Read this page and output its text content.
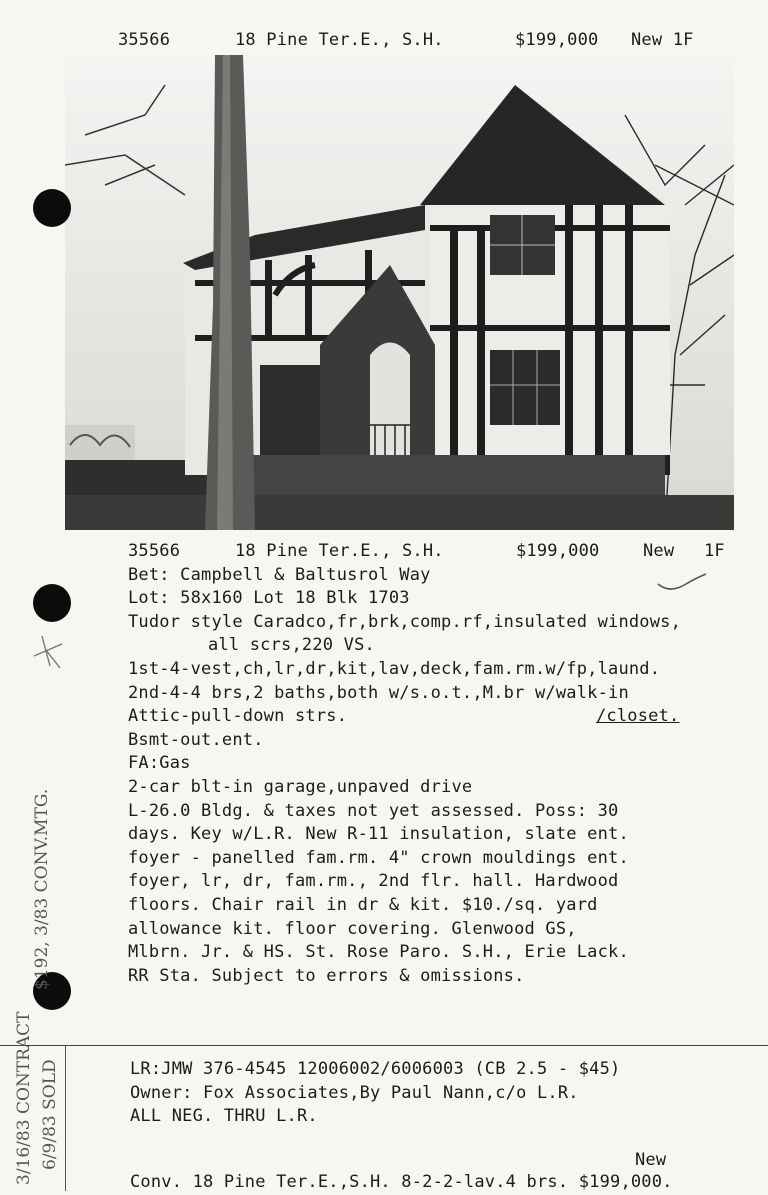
35566

	18 Pine Ter.E., S.H.

	$199,000

New 1F

35566	18 Pine Ter.E., S.H.	$199,000	New 1F
Bet: Campbell & Baltusrol Way
Lot: 58x160 Lot 18 Blk 1703
Tudor style Caradco,fr,brk,comp.rf,insulated windows,
all scrs,220 VS.
1st-4-vest,ch,lr,dr,kit,lav,deck,fam.rm.w/fp,laund.
2nd-4-4 brs,2 baths,both w/s.o.t.,M.br w/walk-in
Attic-pull-down strs.	/closet.
Bsmt-out.ent.
FA:Gas
2-car blt-in garage,unpaved drive
L-26.0 Bldg. & taxes not yet assessed. Poss: 30
days. Key w/L.R. New R-11 insulation, slate ent.
foyer - panelled fam.rm. 4" crown mouldings ent.
foyer, lr, dr, fam.rm., 2nd flr. hall. Hardwood
floors. Chair rail in dr & kit. $10./sq. yard
allowance kit. floor covering. Glenwood GS,
Mlbrn. Jr. & HS. St. Rose Paro. S.H., Erie Lack.
RR Sta. Subject to errors & omissions.
LR:JMW 376-4545 12006002/6006003 (CB 2.5 - $45)
Owner: Fox Associates,By Paul Nann,c/o L.R.
ALL NEG. THRU L.R.
New
Conv. 18 Pine Ter.E.,S.H. 8-2-2-lav.4 brs. $199,000.
$192, 3/83 CONV.MTG.
3/16/83 CONTRACT 6/9/83 SOLD
